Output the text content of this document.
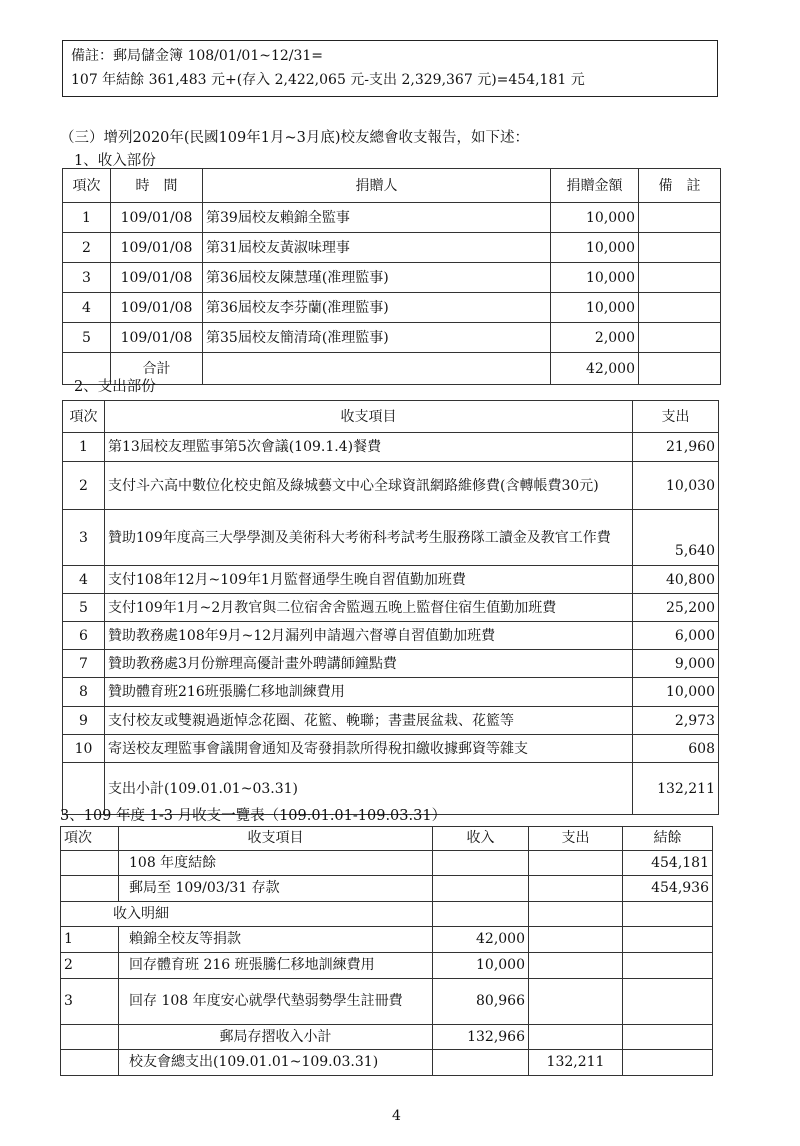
備註：郵局儲金簿 108/01/01~12/31=
107 年結餘 361,483 元+(存入 2,422,065 元-支出 2,329,367 元)=454,181 元
（三）增列2020年(民國109年1月~3月底)校友總會收支報告，如下述：
1、收入部份
項次	時　間	捐贈人	捐贈金額	備　註
1	109/01/08	第39屆校友賴錦全監事	10,000	
2	109/01/08	第31屆校友黃淑味理事	10,000	
3	109/01/08	第36屆校友陳慧瑾(准理監事)	10,000	
4	109/01/08	第36屆校友李芬蘭(准理監事)	10,000	
5	109/01/08	第35屆校友簡清琦(准理監事)	2,000	
	合計		42,000	
2、支出部份
項次	收支項目	支出
1	第13屆校友理監事第5次會議(109.1.4)餐費	21,960
2	支付斗六高中數位化校史館及綠城藝文中心全球資訊網路維修費(含轉帳費30元)	10,030
3	贊助109年度高三大學學測及美術科大考術科考試考生服務隊工讀金及教官工作費	5,640
4	支付108年12月~109年1月監督通學生晚自習值勤加班費	40,800
5	支付109年1月~2月教官與二位宿舍舍監週五晚上監督住宿生值勤加班費	25,200
6	贊助教務處108年9月~12月漏列申請週六督導自習值勤加班費	6,000
7	贊助教務處3月份辦理高優計畫外聘講師鐘點費	9,000
8	贊助體育班216班張騰仁移地訓練費用	10,000
9	支付校友或雙親過逝悼念花圈、花籃、輓聯；書畫展盆栽、花籃等	2,973
10	寄送校友理監事會議開會通知及寄發捐款所得稅扣繳收據郵資等雜支	608
	支出小計(109.01.01~03.31)	132,211
3、109 年度 1-3 月收支一覽表（109.01.01-109.03.31）
項次	收支項目	收入	支出	結餘
	108 年度結餘			454,181
	郵局至 109/03/31 存款			454,936
收入明細				
1	賴錦全校友等捐款	42,000		
2	回存體育班 216 班張騰仁移地訓練費用	10,000		
3	回存 108 年度安心就學代墊弱勢學生註冊費	80,966		
	郵局存摺收入小計	132,966		
	校友會總支出(109.01.01~109.03.31)		132,211	
4
